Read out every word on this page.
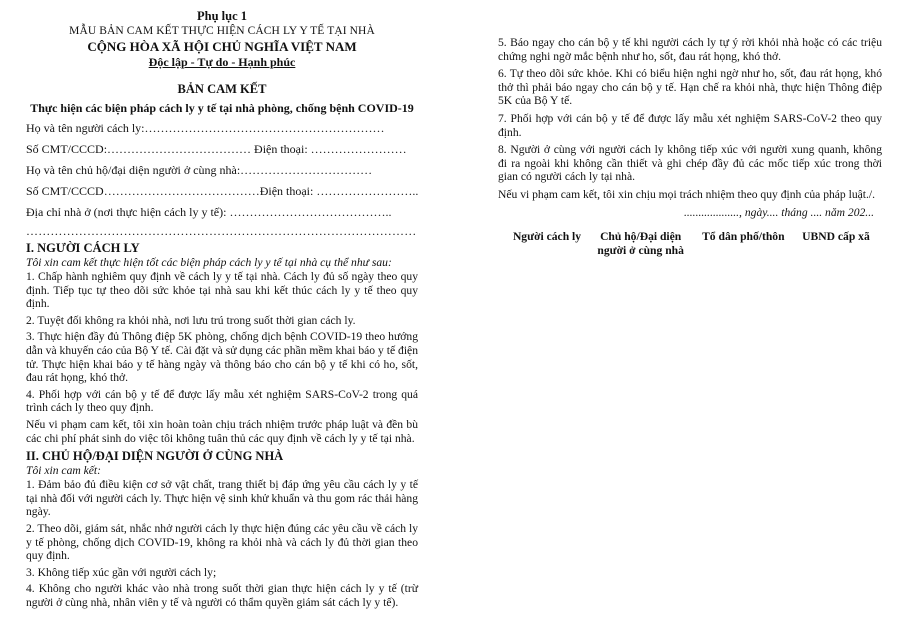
Phụ lục 1
MẪU BẢN CAM KẾT THỰC HIỆN CÁCH LY Y TẾ TẠI NHÀ
CỘNG HÒA XÃ HỘI CHỦ NGHĨA VIỆT NAM
Độc lập - Tự do - Hạnh phúc
BẢN CAM KẾT
Thực hiện các biện pháp cách ly y tế tại nhà phòng, chống bệnh COVID-19
Họ và tên người cách ly:……………………………………………………
Số CMT/CCCD:……………………………… Điện thoại: ……………………
Họ và tên chủ hộ/đại diện người ở cùng nhà:……………………………
Số CMT/CCCD…………………………………Điện thoại: ……………………..
Địa chỉ nhà ở (nơi thực hiện cách ly y tế): …………………………………..
……………………………………………………………………………………
I. NGƯỜI CÁCH LY
Tôi xin cam kết thực hiện tốt các biện pháp cách ly y tế tại nhà cụ thể như sau:

1. Chấp hành nghiêm quy định về cách ly y tế tại nhà. Cách ly đủ số ngày theo quy định. Tiếp tục tự theo dõi sức khỏe tại nhà sau khi kết thúc cách ly y tế theo quy định.

2. Tuyệt đối không ra khỏi nhà, nơi lưu trú trong suốt thời gian cách ly.

3. Thực hiện đầy đủ Thông điệp 5K phòng, chống dịch bệnh COVID-19 theo hướng dẫn và khuyến cáo của Bộ Y tế. Cài đặt và sử dụng các phần mềm khai báo y tế điện tử. Thực hiện khai báo y tế hàng ngày và thông báo cho cán bộ y tế khi có ho, sốt, đau rát họng, khó thở.

4. Phối hợp với cán bộ y tế để được lấy mẫu xét nghiệm SARS-CoV-2 trong quá trình cách ly theo quy định.

Nếu vi phạm cam kết, tôi xin hoàn toàn chịu trách nhiệm trước pháp luật và đền bù các chi phí phát sinh do việc tôi không tuân thủ các quy định về cách ly y tế tại nhà.

II. CHỦ HỘ/ĐẠI DIỆN NGƯỜI Ở CÙNG NHÀ
Tôi xin cam kết:

1. Đảm bảo đủ điều kiện cơ sở vật chất, trang thiết bị đáp ứng yêu cầu cách ly y tế tại nhà đối với người cách ly. Thực hiện vệ sinh khử khuẩn và thu gom rác thải hàng ngày.

2. Theo dõi, giám sát, nhắc nhở người cách ly thực hiện đúng các yêu cầu về cách ly y tế phòng, chống dịch COVID-19, không ra khỏi nhà và cách ly đủ thời gian theo quy định.

3. Không tiếp xúc gần với người cách ly;

4. Không cho người khác vào nhà trong suốt thời gian thực hiện cách ly y tế (trừ người ở cùng nhà, nhân viên y tế và người có thẩm quyền giám sát cách ly y tế).

5. Báo ngay cho cán bộ y tế khi người cách ly tự ý rời khỏi nhà hoặc có các triệu chứng nghi ngờ mắc bệnh như ho, sốt, đau rát họng, khó thở.

6. Tự theo dõi sức khỏe. Khi có biểu hiện nghi ngờ như ho, sốt, đau rát họng, khó thở thì phải báo ngay cho cán bộ y tế. Hạn chế ra khỏi nhà, thực hiện Thông điệp 5K của Bộ Y tế.

7. Phối hợp với cán bộ y tế để được lấy mẫu xét nghiệm SARS-CoV-2 theo quy định.

8. Người ở cùng với người cách ly không tiếp xúc với người xung quanh, không đi ra ngoài khi không cần thiết và ghi chép đầy đủ các mốc tiếp xúc trong thời gian có người cách ly tại nhà.

Nếu vi phạm cam kết, tôi xin chịu mọi trách nhiệm theo quy định của pháp luật./.

..................., ngày.... tháng .... năm 202...
Người cách ly	Chủ hộ/Đại diện người ở cùng nhà
Tổ dân phố/thôn	UBND cấp xã
